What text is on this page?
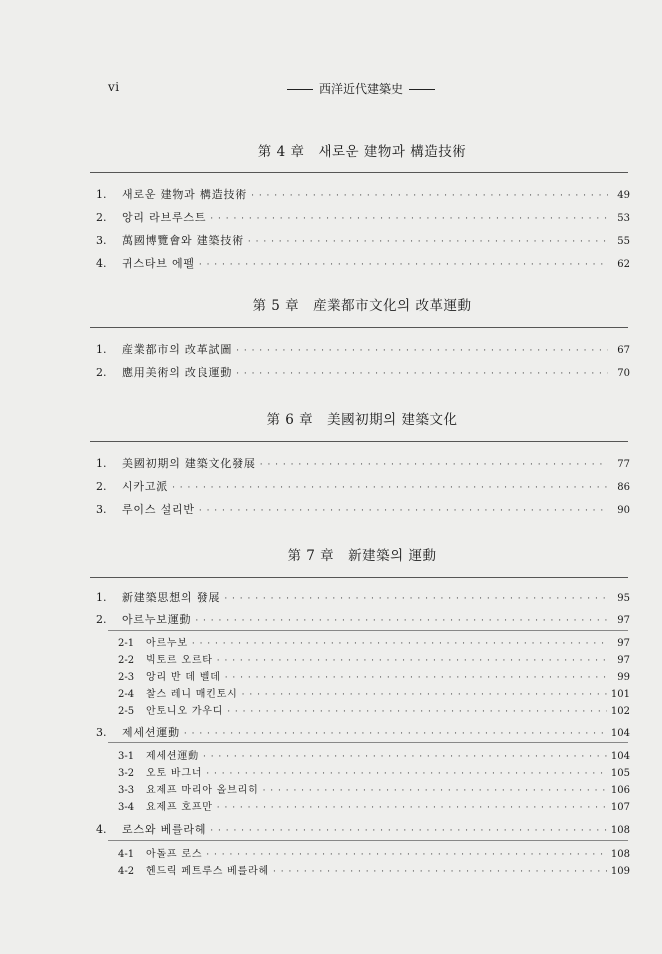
vi	西洋近代建築史
第 4 章 새로운 建物과 構造技術
1.	새로운 建物과 構造技術 · · ·	49
2.	앙리 라브루스트 · · ·	53
3.	萬國博覽會와 建築技術 · · ·	55
4.	귀스타브 에펠 · · ·	62
第 5 章 産業都市文化의 改革運動
1.	産業都市의 改革試圖 · · ·	67
2.	應用美術의 改良運動 · · ·	70
第 6 章 美國初期의 建築文化
1.	美國初期의 建築文化發展 · · ·	77
2.	시카고派 · · ·	86
3.	루이스 설리반 · · ·	90
第 7 章 新建築의 運動
1.	新建築思想의 發展 · · ·	95
2.	아르누보運動 · · ·	97
2-1	아르누보 · · ·	97
2-2	빅토르 오르타 · · ·	97
2-3	앙리 반 데 벨데 · · ·	99
2-4	찰스 레니 매킨토시 · · ·	101
2-5	안토니오 가우디 · · ·	102
3.	제세션運動 · · ·	104
3-1	제세션運動 · · ·	104
3-2	오토 바그너 · · ·	105
3-3	요제프 마리아 올브리히 · · ·	106
3-4	요제프 호프만 · · ·	107
4.	로스와 베를라헤 · · ·	108
4-1	아돌프 로스 · · ·	108
4-2	헨드릭 페트루스 베를라헤 · · ·	109
